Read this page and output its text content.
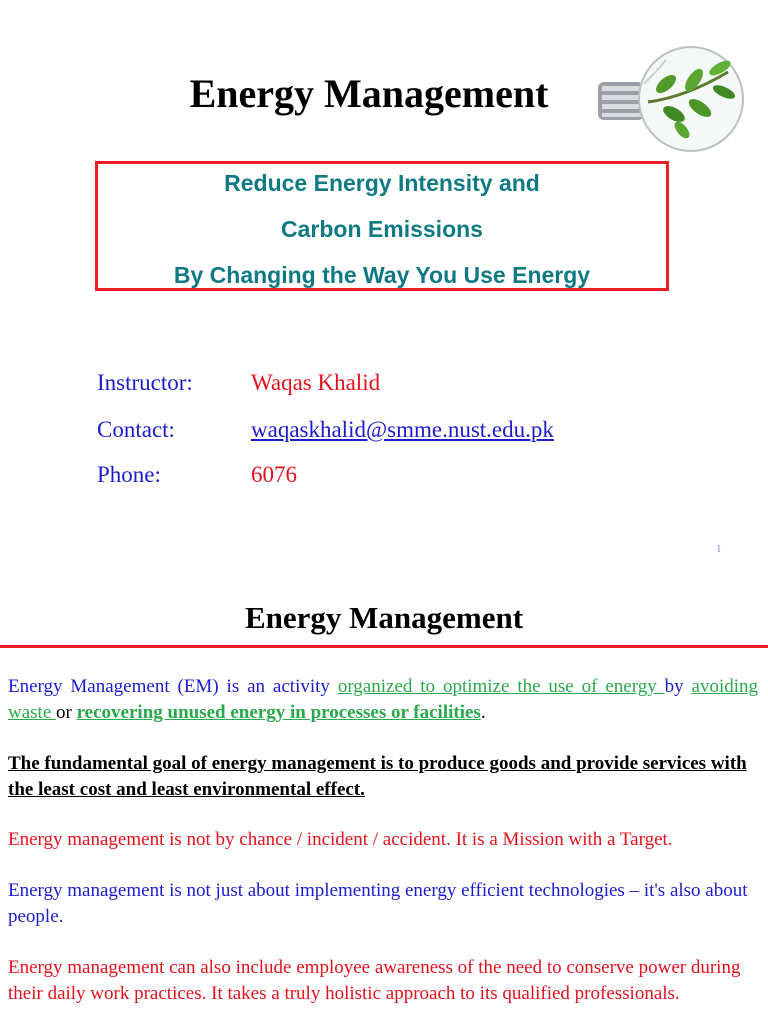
Energy Management
Reduce Energy Intensity and
Carbon Emissions
By Changing the Way You Use Energy
Instructor:	Waqas Khalid
Contact:	waqaskhalid@smme.nust.edu.pk
Phone:	6076
1
Energy Management
Energy Management (EM) is an activity organized to optimize the use of energy by avoiding waste or recovering unused energy in processes or facilities.
The fundamental goal of energy management is to produce goods and provide services with the least cost and least environmental effect.
Energy management is not by chance / incident / accident. It is a Mission with a Target.
Energy management is not just about implementing energy efficient technologies – it's also about people.
Energy management can also include employee awareness of the need to conserve power during their daily work practices. It takes a truly holistic approach to its qualified professionals.
